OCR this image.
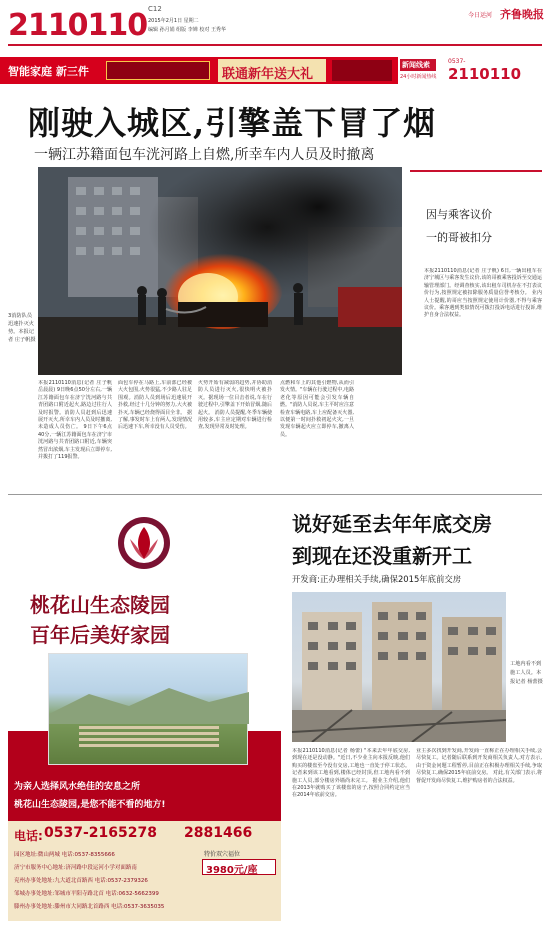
2110110 C12
2015年2月1日 星期二
编辑 孙月娟 组版 李婵 校对 王秀华
今日运河 齐鲁晚报
智能家庭 新三件	联通新年送大礼
新闻线索
24小时新闻热线
0537-
2110110
刚驶入城区,引擎盖下冒了烟
一辆江苏籍面包车洸河路上自燃,所幸车内人员及时撤离
3消防队员迅速扑灭火势。本报记者 庄子帆摄
因与乘客议价
一的哥被扣分
本报2110110消息(记者 庄子帆) 6日,一辆出租车在济宁城区与乘客发生议价,该的哥被乘客投诉至交通运输管理部门。经调查核实,该出租车司机存在不打表议价行为,按照规定被扣除服务质量信誉考核分。 业内人士提醒,的哥应当按照规定使用计价器,不得与乘客议价。乘客遇到类似情况可拨打投诉电话进行投诉,维护自身合法权益。
本报2110110消息(记者 庄子帆 岳晨晨) 9日晚6点50分左右,一辆江苏籍面包车在济宁洸河路与共青团路口附近起火,路边过往行人及时报警。消防人员赶到后迅速展开灭火,所幸车内人员及时撤离,未造成人员伤亡。 9日下午6点40分,一辆江苏籍面包车在济宁市洸河路与共青团路口附近,车辆突然冒出浓烟,车主发现后立即停车,并拨打了119报警。
面包车停在马路上,车前部已经被大火包围,火势很猛,不少路人驻足围观。消防人员到场后迅速展开扑救,经过十几分钟的努力,大火被扑灭,车辆已经烧得面目全非。 据了解,事发时车上有两人,发现情况后迅速下车,所幸没有人员受伤。
火势开始有减弱的趋势,并协助消防人员进行灭火,很快明火被扑灭。据现场一位目击者说,车在行驶过程中,引擎盖下开始冒烟,随后起火。 消防人员提醒,冬季车辆使用较多,车主应定期对车辆进行检查,发现异常及时处理。
点燃和车上的其他引燃物,从而引发火情。"车辆在行驶过程中,电路老化等原因可能会引发车辆自燃。"消防人员说,车主平时应注意检查车辆电路,车上应配备灭火器,以便第一时间扑救初起火灾,一旦发现车辆起火应立即停车,撤离人员。
桃花山生态陵园
百年后美好家园
为亲人选择风水绝佳的安息之所
桃花山生态陵园,是您不能不看的地方!
电话: 0537-2165278 2881466
特价双穴福位
3980元/座
园区地址:微山两城 电话:0537-8355666
济宁市服务中心地址:济河路中段运河小学对面路南
兖州办事处地址:九大道北首路西 电话:0537-2379326
邹城办事处地址:邹城市平阳寺路北首 电话:0632-5662399
滕州办事处地址:滕州市大同路北首路西 电话:0537-3635035
说好延至去年年底交房
到现在还没重新开工
开发商:正办理相关手续,确保2015年底前交房
工地内看不到施工人员。本报记者 杨蕾摄
本报2110110消息(记者 杨蕾) "本来去年年底交房,到现在还是没动静。"近日,不少业主向本报反映,他们购买的楼盘至今没有交房,工地也一直处于停工状态。 记者来到该工地看到,楼体已经封顶,但工地内看不到施工人员,部分楼房外墙尚未完工。 据业主介绍,他们在2013年就购买了该楼盘的房子,按照合同约定应当在2014年底前交房。
业主多次找到开发商,开发商一直称正在办理相关手续,会尽快复工。记者随后联系到开发商相关负责人,对方表示,由于资金问题工程暂停,目前正在积极办理相关手续,争取尽快复工,确保2015年底前交房。 对此,有关部门表示,将督促开发商尽快复工,维护购房者的合法权益。
